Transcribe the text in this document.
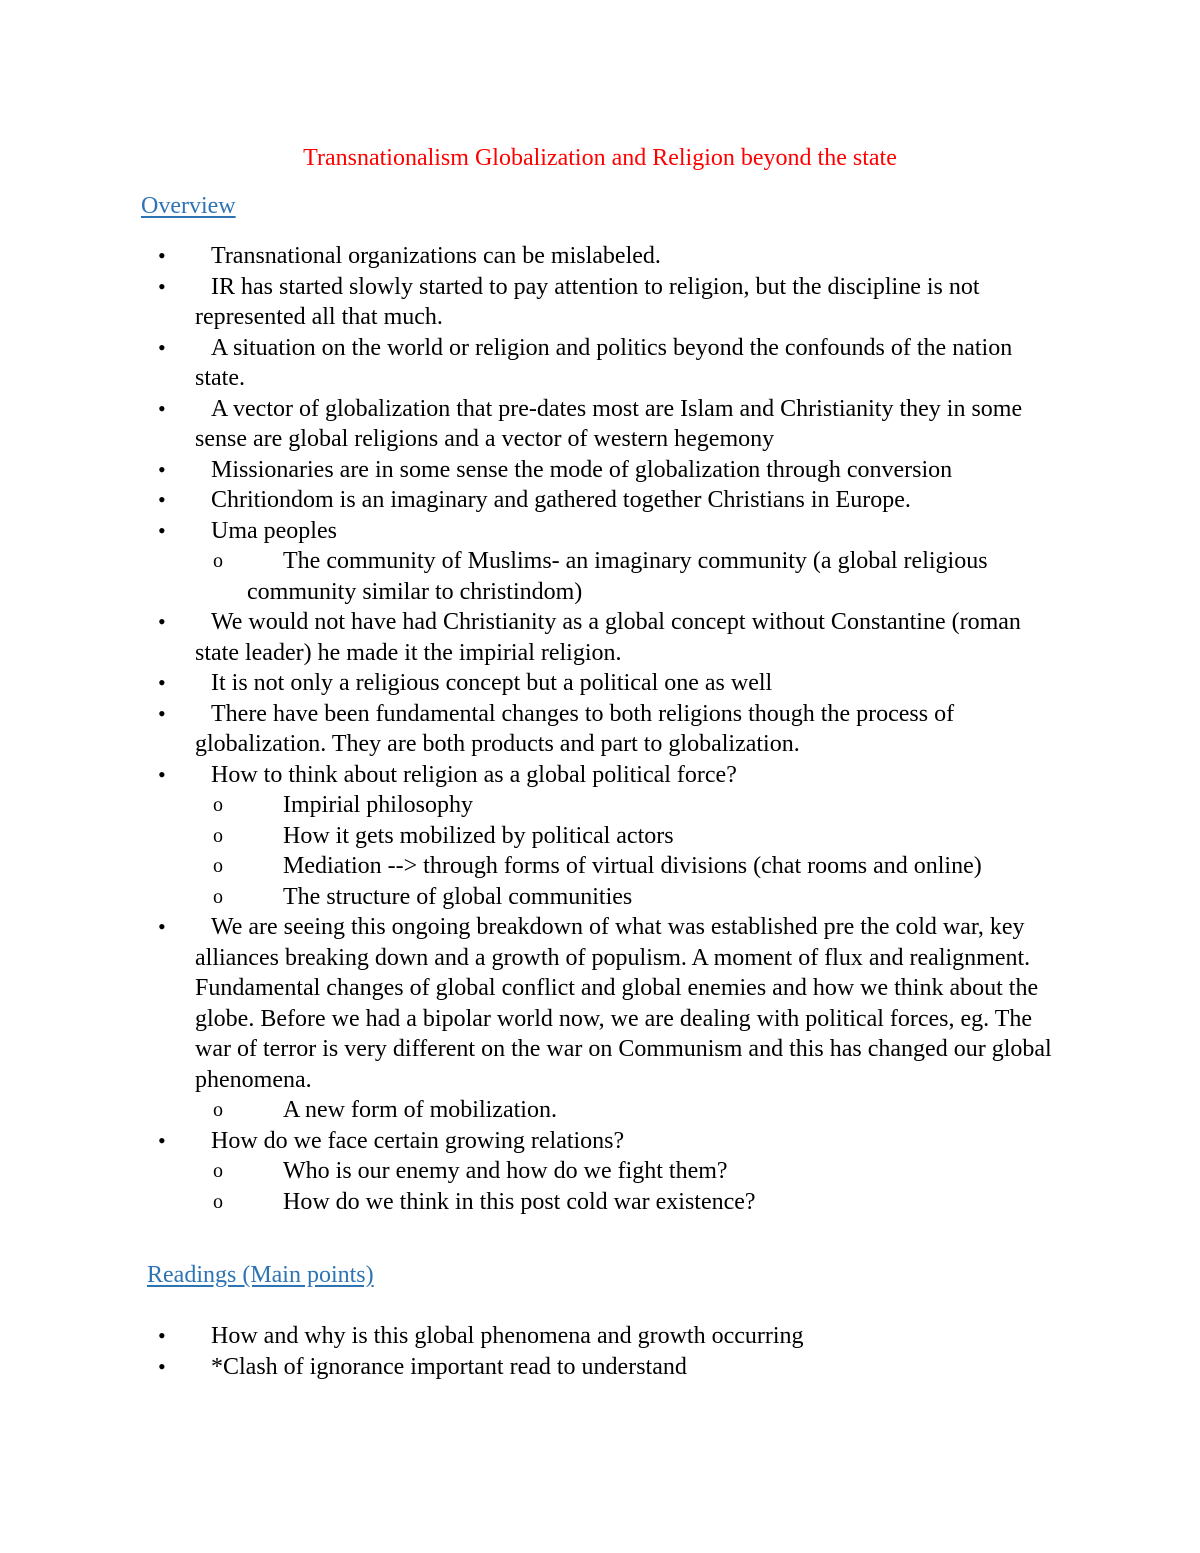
Transnationalism Globalization and Religion beyond the state
Overview
•	Transnational organizations can be mislabeled.
•	IR has started slowly started to pay attention to religion, but the discipline is not represented all that much.
•	A situation on the world or religion and politics beyond the confounds of the nation state.
•	A vector of globalization that pre-dates most are Islam and Christianity they in some sense are global religions and a vector of western hegemony
•	Missionaries are in some sense the mode of globalization through conversion
•	Chritiondom is an imaginary and gathered together Christians in Europe.
•	Uma peoples
o	The community of Muslims- an imaginary community (a global religious community similar to christindom)
•	We would not have had Christianity as a global concept without Constantine (roman state leader) he made it the impirial religion.
•	It is not only a religious concept but a political one as well
•	There have been fundamental changes to both religions though the process of globalization. They are both products and part to globalization.
•	How to think about religion as a global political force?
o	Impirial philosophy
o	How it gets mobilized by political actors
o	Mediation --> through forms of virtual divisions (chat rooms and online)
o	The structure of global communities
•	We are seeing this ongoing breakdown of what was established pre the cold war, key alliances breaking down and a growth of populism. A moment of flux and realignment. Fundamental changes of global conflict and global enemies and how we think about the globe. Before we had a bipolar world now, we are dealing with political forces, eg. The war of terror is very different on the war on Communism and this has changed our global phenomena.
o	A new form of mobilization.
•	How do we face certain growing relations?
o	Who is our enemy and how do we fight them?
o	How do we think in this post cold war existence?
Readings (Main points)
•	How and why is this global phenomena and growth occurring
•	*Clash of ignorance important read to understand
